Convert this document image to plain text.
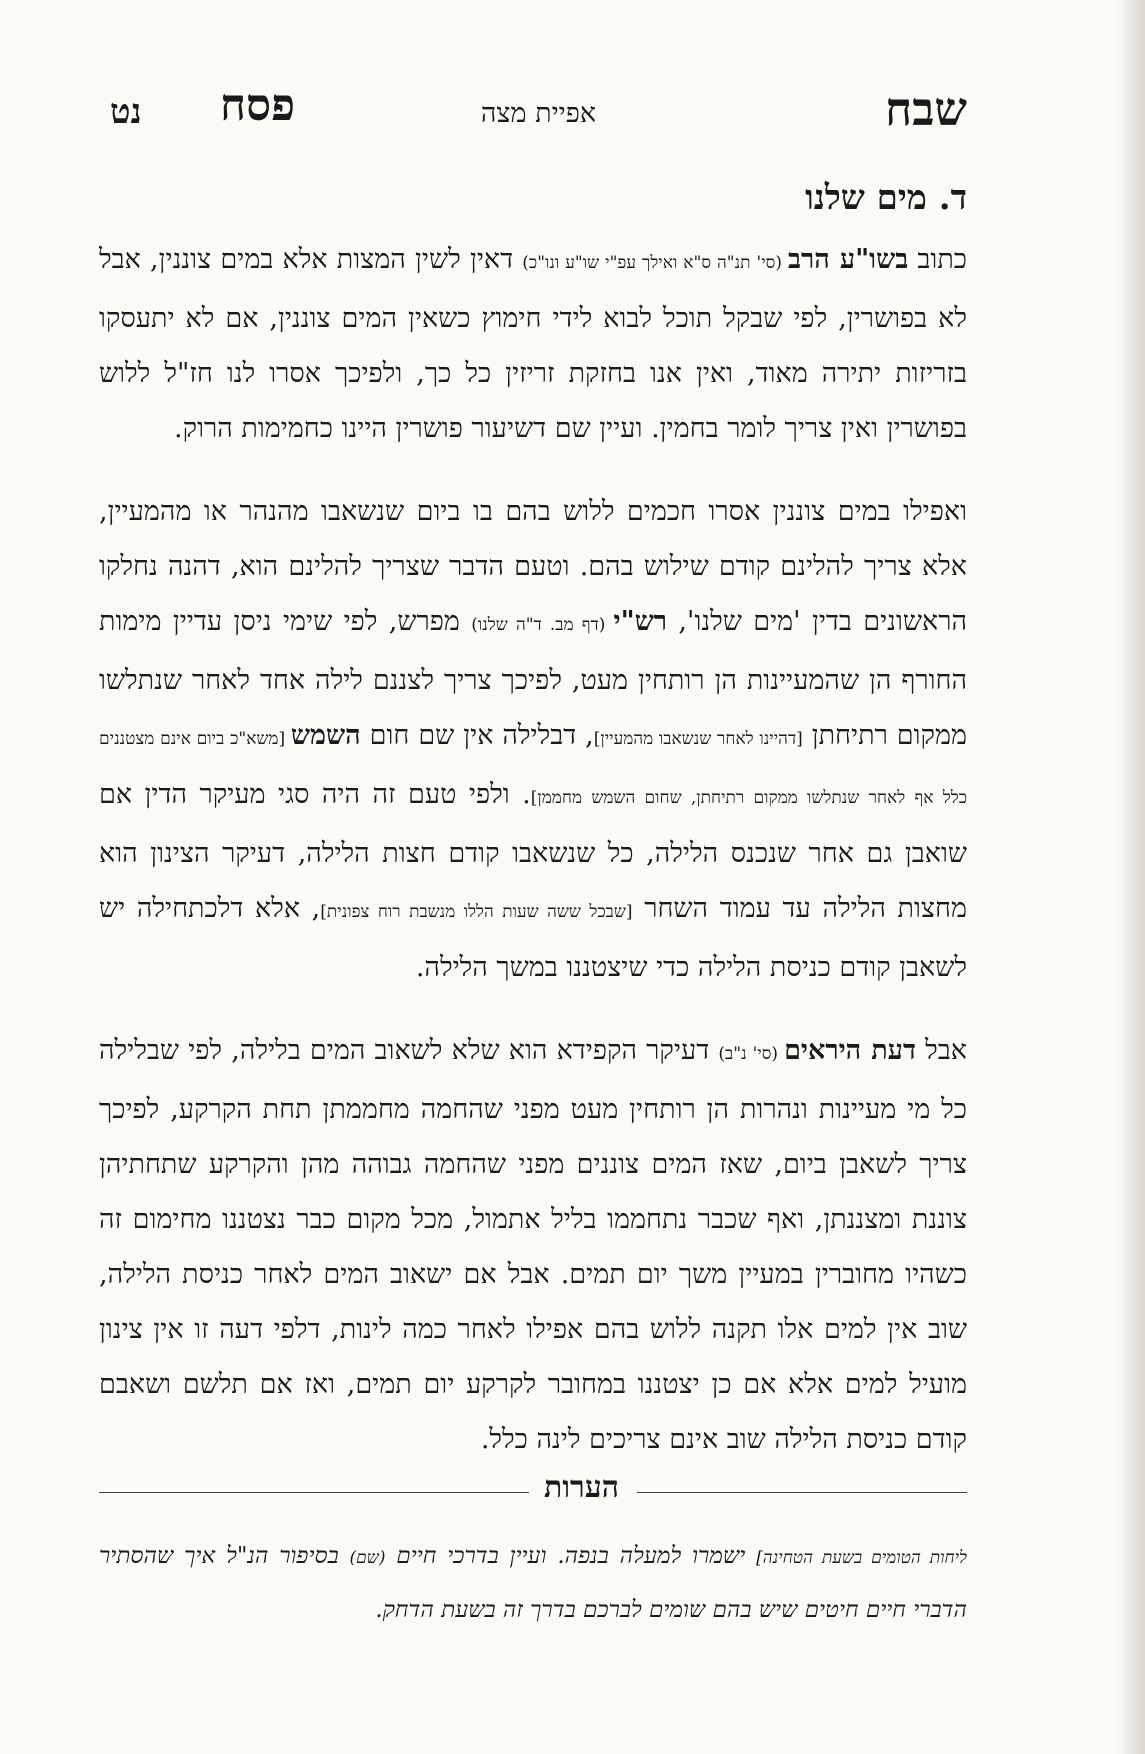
שבח
אפיית מצה
פסח
נט
ד. מים שלנו

כתוב בשו"ע הרב (סי' תנ"ה ס"א ואילך עפ"י שו"ע ונו"כ) דאין לשין המצות אלא במים צוננין, אבל לא בפושרין, לפי שבקל תוכל לבוא לידי חימוץ כשאין המים צוננין, אם לא יתעסקו בזריזות יתירה מאוד, ואין אנו בחזקת זריזין כל כך, ולפיכך אסרו לנו חז"ל ללוש בפושרין ואין צריך לומר בחמין. ועיין שם דשיעור פושרין היינו כחמימות הרוק.

ואפילו במים צוננין אסרו חכמים ללוש בהם בו ביום שנשאבו מהנהר או מהמעיין, אלא צריך להלינם קודם שילוש בהם. וטעם הדבר שצריך להלינם הוא, דהנה נחלקו הראשונים בדין 'מים שלנו', רש"י (דף מב. ד"ה שלנו) מפרש, לפי שימי ניסן עדיין מימות החורף הן שהמעיינות הן רותחין מעט, לפיכך צריך לצננם לילה אחד לאחר שנתלשו ממקום רתיחתן [דהיינו לאחר שנשאבו מהמעיין], דבלילה אין שם חום השמש [משא"כ ביום אינם מצטננים כלל אף לאחר שנתלשו ממקום רתיחתן, שחום השמש מחממן]. ולפי טעם זה היה סגי מעיקר הדין אם שואבן גם אחר שנכנס הלילה, כל שנשאבו קודם חצות הלילה, דעיקר הצינון הוא מחצות הלילה עד עמוד השחר [שבכל ששה שעות הללו מנשבת רוח צפונית], אלא דלכתחילה יש לשאבן קודם כניסת הלילה כדי שיצטננו במשך הלילה.

אבל דעת היראים (סי' נ"ב) דעיקר הקפידא הוא שלא לשאוב המים בלילה, לפי שבלילה כל מי מעיינות ונהרות הן רותחין מעט מפני שהחמה מחממתן תחת הקרקע, לפיכך צריך לשאבן ביום, שאז המים צוננים מפני שהחמה גבוהה מהן והקרקע שתחתיהן צוננת ומצננתן, ואף שכבר נתחממו בליל אתמול, מכל מקום כבר נצטננו מחימום זה כשהיו מחוברין במעיין משך יום תמים. אבל אם ישאוב המים לאחר כניסת הלילה, שוב אין למים אלו תקנה ללוש בהם אפילו לאחר כמה לינות, דלפי דעה זו אין צינון מועיל למים אלא אם כן יצטננו במחובר לקרקע יום תמים, ואז אם תלשם ושאבם קודם כניסת הלילה שוב אינם צריכים לינה כלל.

הערות

ליחות הטומים בשעת הטחינה] ישמרו למעלה בנפה. ועיין בדרכי חיים (שם) בסיפור הנ"ל איך שהסתיר הדברי חיים חיטים שיש בהם שומים לברכם בדרך זה בשעת הדחק.
